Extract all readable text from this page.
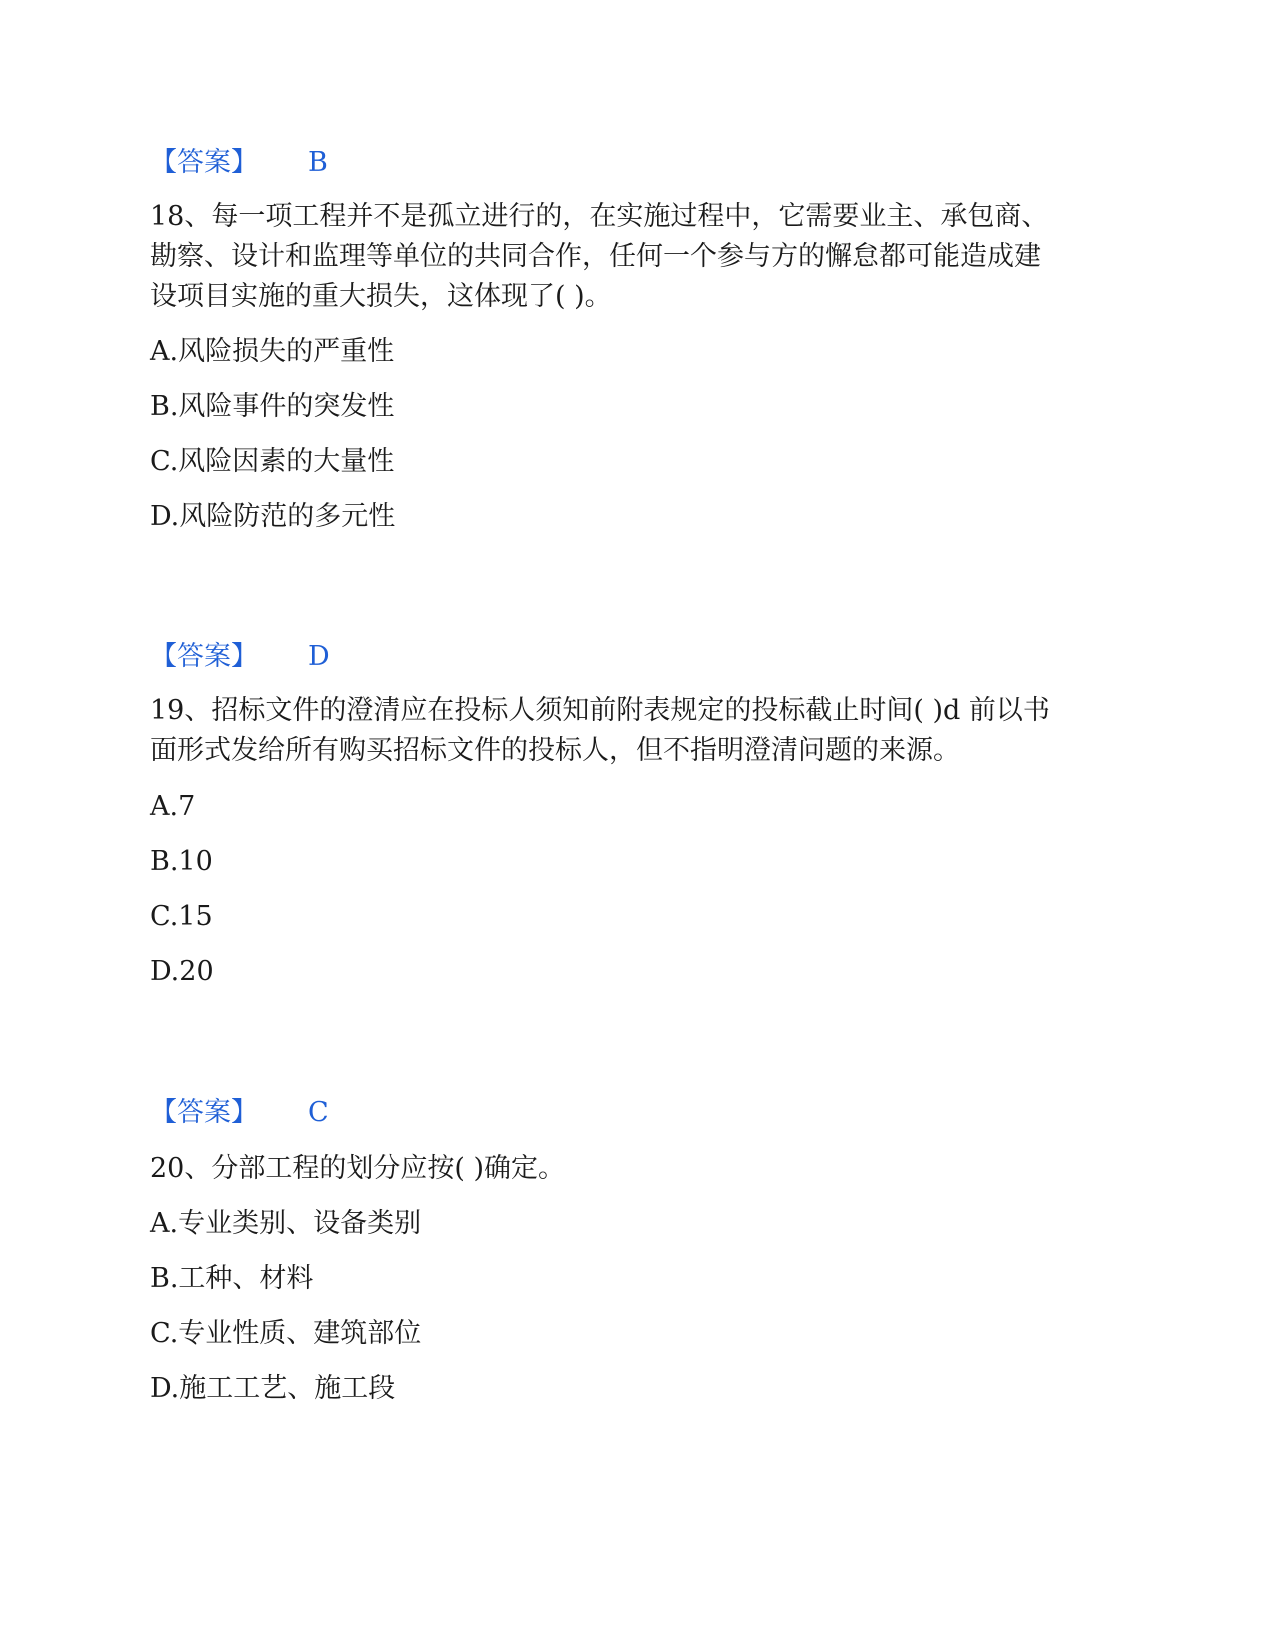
【答案】 B
18、每一项工程并不是孤立进行的，在实施过程中，它需要业主、承包商、
勘察、设计和监理等单位的共同合作，任何一个参与方的懈怠都可能造成建
设项目实施的重大损失，这体现了( )。
A.风险损失的严重性
B.风险事件的突发性
C.风险因素的大量性
D.风险防范的多元性
【答案】 D
19、招标文件的澄清应在投标人须知前附表规定的投标截止时间( )d 前以书
面形式发给所有购买招标文件的投标人，但不指明澄清问题的来源。
A.7
B.10
C.15
D.20
【答案】 C
20、分部工程的划分应按( )确定。
A.专业类别、设备类别
B.工种、材料
C.专业性质、建筑部位
D.施工工艺、施工段
